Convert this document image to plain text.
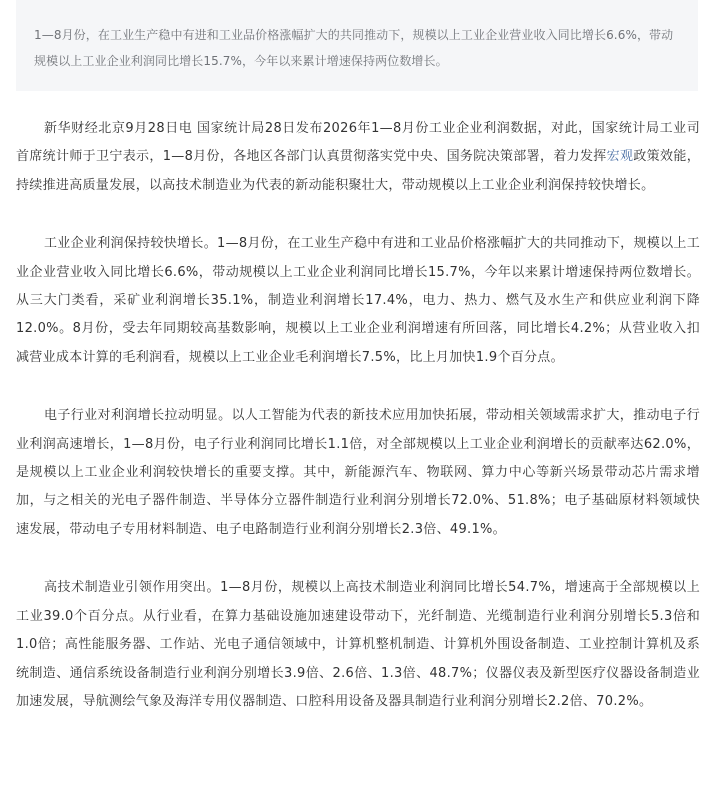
1—8月份，在工业生产稳中有进和工业品价格涨幅扩大的共同推动下，规模以上工业企业营业收入同比增长6.6%，带动规模以上工业企业利润同比增长15.7%，今年以来累计增速保持两位数增长。

新华财经北京9月28日电 国家统计局28日发布2026年1—8月份工业企业利润数据，对此，国家统计局工业司首席统计师于卫宁表示，1—8月份，各地区各部门认真贯彻落实党中央、国务院决策部署，着力发挥宏观政策效能，持续推进高质量发展，以高技术制造业为代表的新动能积聚壮大，带动规模以上工业企业利润保持较快增长。

工业企业利润保持较快增长。1—8月份，在工业生产稳中有进和工业品价格涨幅扩大的共同推动下，规模以上工业企业营业收入同比增长6.6%，带动规模以上工业企业利润同比增长15.7%，今年以来累计增速保持两位数增长。从三大门类看，采矿业利润增长35.1%，制造业利润增长17.4%，电力、热力、燃气及水生产和供应业利润下降12.0%。8月份，受去年同期较高基数影响，规模以上工业企业利润增速有所回落，同比增长4.2%；从营业收入扣减营业成本计算的毛利润看，规模以上工业企业毛利润增长7.5%，比上月加快1.9个百分点。

电子行业对利润增长拉动明显。以人工智能为代表的新技术应用加快拓展，带动相关领域需求扩大，推动电子行业利润高速增长，1—8月份，电子行业利润同比增长1.1倍，对全部规模以上工业企业利润增长的贡献率达62.0%，是规模以上工业企业利润较快增长的重要支撑。其中，新能源汽车、物联网、算力中心等新兴场景带动芯片需求增加，与之相关的光电子器件制造、半导体分立器件制造行业利润分别增长72.0%、51.8%；电子基础原材料领域快速发展，带动电子专用材料制造、电子电路制造行业利润分别增长2.3倍、49.1%。

高技术制造业引领作用突出。1—8月份，规模以上高技术制造业利润同比增长54.7%，增速高于全部规模以上工业39.0个百分点。从行业看，在算力基础设施加速建设带动下，光纤制造、光缆制造行业利润分别增长5.3倍和1.0倍；高性能服务器、工作站、光电子通信领域中，计算机整机制造、计算机外围设备制造、工业控制计算机及系统制造、通信系统设备制造行业利润分别增长3.9倍、2.6倍、1.3倍、48.7%；仪器仪表及新型医疗仪器设备制造业加速发展，导航测绘气象及海洋专用仪器制造、口腔科用设备及器具制造行业利润分别增长2.2倍、70.2%。
